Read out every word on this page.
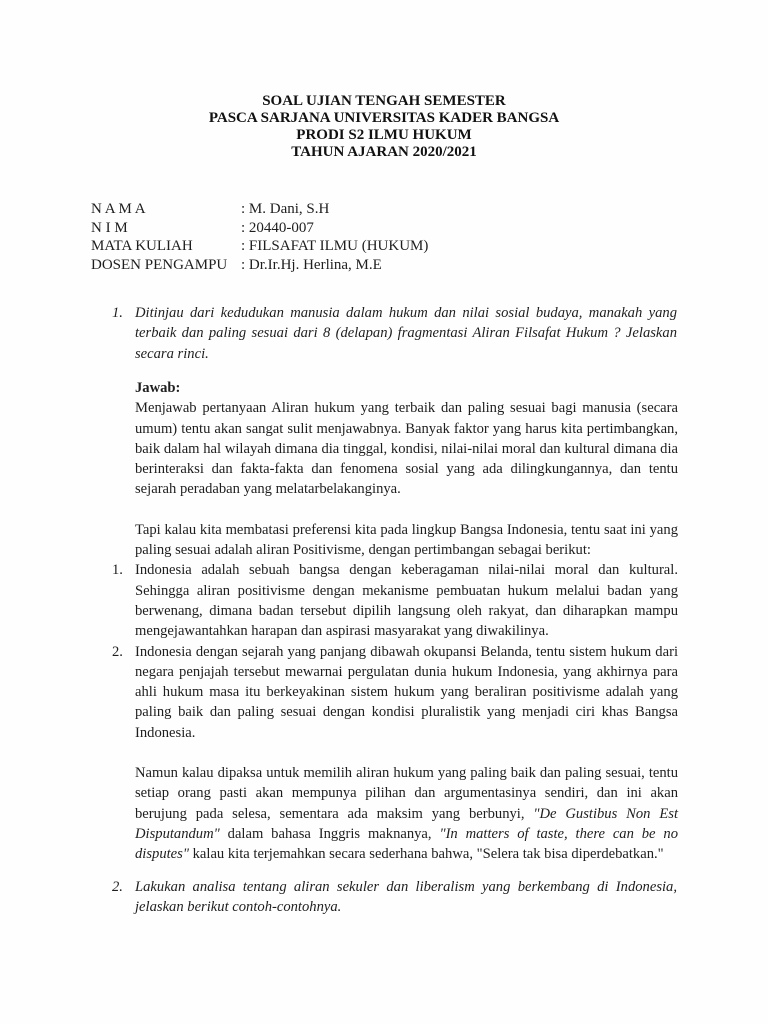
SOAL UJIAN TENGAH SEMESTER
PASCA SARJANA UNIVERSITAS KADER BANGSA
PRODI S2 ILMU HUKUM
TAHUN AJARAN 2020/2021
N A M A	: M. Dani, S.H
N I M	: 20440-007
MATA KULIAH	: FILSAFAT ILMU (HUKUM)
DOSEN PENGAMPU : Dr.Ir.Hj. Herlina, M.E
1. Ditinjau dari kedudukan manusia dalam hukum dan nilai sosial budaya, manakah yang terbaik dan paling sesuai dari 8 (delapan) fragmentasi Aliran Filsafat Hukum ? Jelaskan secara rinci.
Jawab:
Menjawab pertanyaan Aliran hukum yang terbaik dan paling sesuai bagi manusia (secara umum) tentu akan sangat sulit menjawabnya. Banyak faktor yang harus kita pertimbangkan, baik dalam hal wilayah dimana dia tinggal, kondisi, nilai-nilai moral dan kultural dimana dia berinteraksi dan fakta-fakta dan fenomena sosial yang ada dilingkungannya, dan tentu sejarah peradaban yang melatarbelakanginya.
Tapi kalau kita membatasi preferensi kita pada lingkup Bangsa Indonesia, tentu saat ini yang paling sesuai adalah aliran Positivisme, dengan pertimbangan sebagai berikut:
1. Indonesia adalah sebuah bangsa dengan keberagaman nilai-nilai moral dan kultural. Sehingga aliran positivisme dengan mekanisme pembuatan hukum melalui badan yang berwenang, dimana badan tersebut dipilih langsung oleh rakyat, dan diharapkan mampu mengejawantahkan harapan dan aspirasi masyarakat yang diwakilinya.
2. Indonesia dengan sejarah yang panjang dibawah okupansi Belanda, tentu sistem hukum dari negara penjajah tersebut mewarnai pergulatan dunia hukum Indonesia, yang akhirnya para ahli hukum masa itu berkeyakinan sistem hukum yang beraliran positivisme adalah yang paling baik dan paling sesuai dengan kondisi pluralistik yang menjadi ciri khas Bangsa Indonesia.
Namun kalau dipaksa untuk memilih aliran hukum yang paling baik dan paling sesuai, tentu setiap orang pasti akan mempunya pilihan dan argumentasinya sendiri, dan ini akan berujung pada selesa, sementara ada maksim yang berbunyi, "De Gustibus Non Est Disputandum" dalam bahasa Inggris maknanya, "In matters of taste, there can be no disputes" kalau kita terjemahkan secara sederhana bahwa, "Selera tak bisa diperdebatkan."
2. Lakukan analisa tentang aliran sekuler dan liberalism yang berkembang di Indonesia, jelaskan berikut contoh-contohnya.
